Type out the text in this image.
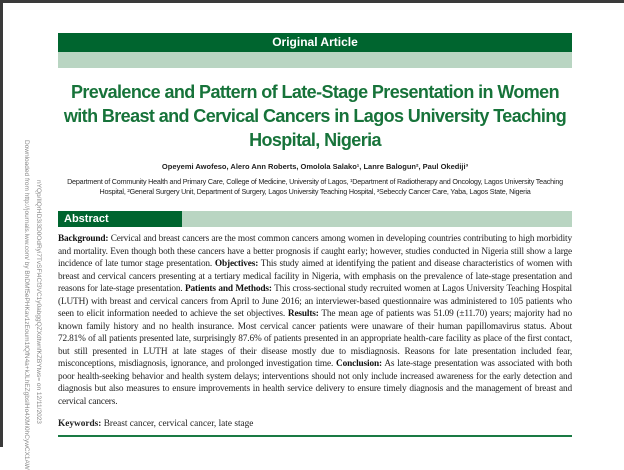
Downloaded from http://journals.lww.com/ by BhDMf5ePHKav1zEoum1tQfN4a+kJLhEZgbsIHo4XMi0hCywCX1AW nYQp/IlQrHD3i3D0OdRyi7TvSFl4Cf3VC1y0abggQZXdtwnfKZBYtws= on 12/11/2023
Original Article
Prevalence and Pattern of Late-Stage Presentation in Women
with Breast and Cervical Cancers in Lagos University Teaching
Hospital, Nigeria
Opeyemi Awofeso, Alero Ann Roberts, Omolola Salako¹, Lanre Balogun², Paul Okediji³
Department of Community Health and Primary Care, College of Medicine, University of Lagos, ¹Department of Radiotherapy and Oncology, Lagos University Teaching
Hospital, ²General Surgery Unit, Department of Surgery, Lagos University Teaching Hospital, ³Sebeccly Cancer Care, Yaba, Lagos State, Nigeria
Abstract
Background: Cervical and breast cancers are the most common cancers among women in developing countries contributing to high morbidity and mortality. Even though both these cancers have a better prognosis if caught early; however, studies conducted in Nigeria still show a large incidence of late tumor stage presentation. Objectives: This study aimed at identifying the patient and disease characteristics of women with breast and cervical cancers presenting at a tertiary medical facility in Nigeria, with emphasis on the prevalence of late-stage presentation and reasons for late-stage presentation. Patients and Methods: This cross-sectional study recruited women at Lagos University Teaching Hospital (LUTH) with breast and cervical cancers from April to June 2016; an interviewer-based questionnaire was administered to 105 patients who seen to elicit information needed to achieve the set objectives. Results: The mean age of patients was 51.09 (±11.70) years; majority had no known family history and no health insurance. Most cervical cancer patients were unaware of their human papillomavirus status. About 72.81% of all patients presented late, surprisingly 87.6% of patients presented in an appropriate health-care facility as place of the first contact, but still presented in LUTH at late stages of their disease mostly due to misdiagnosis. Reasons for late presentation included fear, misconceptions, misdiagnosis, ignorance, and prolonged investigation time. Conclusion: As late-stage presentation was associated with both poor health-seeking behavior and health system delays; interventions should not only include increased awareness for the early detection and diagnosis but also measures to ensure improvements in health service delivery to ensure timely diagnosis and the management of breast and cervical cancers.
Keywords: Breast cancer, cervical cancer, late stage
